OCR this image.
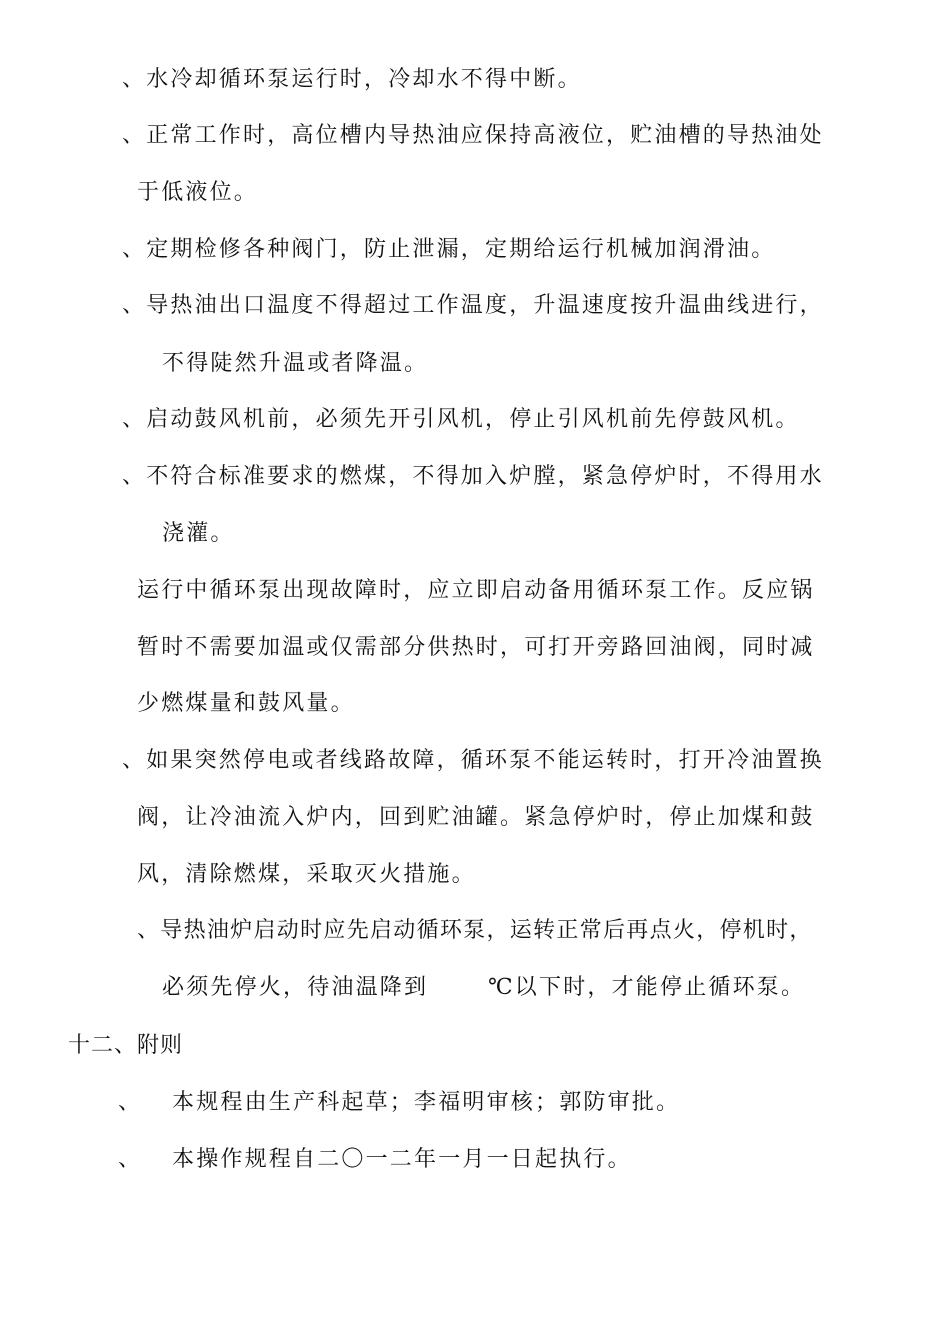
、水冷却循环泵运行时，冷却水不得中断。
、正常工作时，高位槽内导热油应保持高液位，贮油槽的导热油处
于低液位。
、定期检修各种阀门，防止泄漏，定期给运行机械加润滑油。
、导热油出口温度不得超过工作温度，升温速度按升温曲线进行，
不得陡然升温或者降温。
、启动鼓风机前，必须先开引风机，停止引风机前先停鼓风机。
、不符合标准要求的燃煤，不得加入炉膛，紧急停炉时，不得用水
浇灌。
运行中循环泵出现故障时，应立即启动备用循环泵工作。反应锅
暂时不需要加温或仅需部分供热时，可打开旁路回油阀，同时减
少燃煤量和鼓风量。
、如果突然停电或者线路故障，循环泵不能运转时，打开冷油置换
阀，让冷油流入炉内，回到贮油罐。紧急停炉时，停止加煤和鼓
风，清除燃煤，采取灭火措施。
、导热油炉启动时应先启动循环泵，运转正常后再点火，停机时，
必须先停火，待油温降到	℃以下时，才能停止循环泵。
十二、附则
、 本规程由生产科起草；李福明审核；郭防审批。
、 本操作规程自二〇一二年一月一日起执行。
